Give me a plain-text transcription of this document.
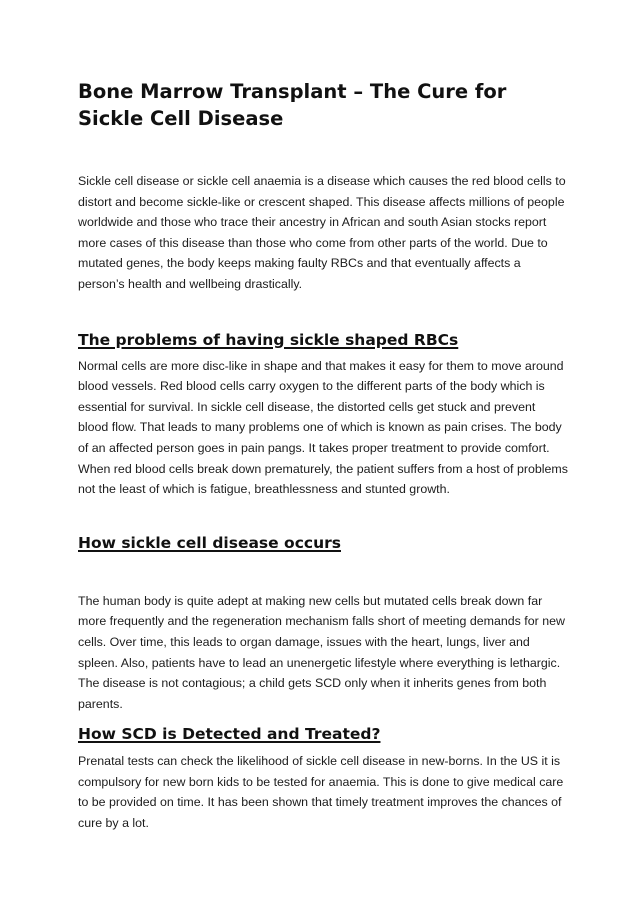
Bone Marrow Transplant – The Cure for Sickle Cell Disease

Sickle cell disease or sickle cell anaemia is a disease which causes the red blood cells to distort and become sickle-like or crescent shaped. This disease affects millions of people worldwide and those who trace their ancestry in African and south Asian stocks report more cases of this disease than those who come from other parts of the world. Due to mutated genes, the body keeps making faulty RBCs and that eventually affects a person’s health and wellbeing drastically.

The problems of having sickle shaped RBCs

Normal cells are more disc-like in shape and that makes it easy for them to move around blood vessels. Red blood cells carry oxygen to the different parts of the body which is essential for survival. In sickle cell disease, the distorted cells get stuck and prevent blood flow. That leads to many problems one of which is known as pain crises. The body of an affected person goes in pain pangs. It takes proper treatment to provide comfort. When red blood cells break down prematurely, the patient suffers from a host of problems not the least of which is fatigue, breathlessness and stunted growth.

How sickle cell disease occurs

The human body is quite adept at making new cells but mutated cells break down far more frequently and the regeneration mechanism falls short of meeting demands for new cells. Over time, this leads to organ damage, issues with the heart, lungs, liver and spleen. Also, patients have to lead an unenergetic lifestyle where everything is lethargic. The disease is not contagious; a child gets SCD only when it inherits genes from both parents.

How SCD is Detected and Treated?

Prenatal tests can check the likelihood of sickle cell disease in new-borns. In the US it is compulsory for new born kids to be tested for anaemia. This is done to give medical care to be provided on time. It has been shown that timely treatment improves the chances of cure by a lot.
